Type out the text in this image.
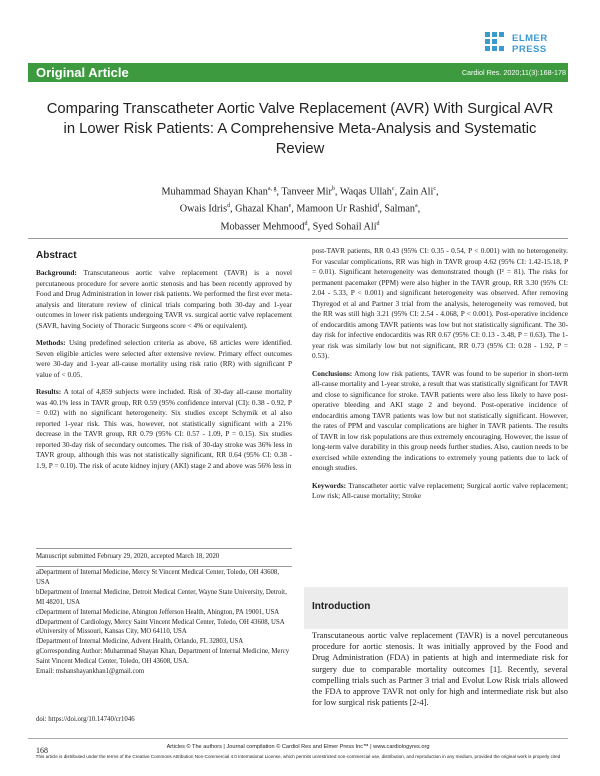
ELMER
PRESS
Original Article	Cardiol Res. 2020;11(3):168-178
Comparing Transcatheter Aortic Valve Replacement (AVR) With Surgical AVR in Lower Risk Patients: A Comprehensive Meta-Analysis and Systematic Review
Muhammad Shayan Khan$^{a, g}$, Tanveer Mir$^b$, Waqas Ullah$^c$, Zain Ali$^c$,
Owais Idris$^d$, Ghazal Khan$^e$, Mamoon Ur Rashid$^f$, Salman$^a$,
Mobasser Mehmood$^d$, Syed Sohail Ali$^d$
Abstract

Background: Transcutaneous aortic valve replacement (TAVR) is a novel percutaneous procedure for severe aortic stenosis and has been recently approved by Food and Drug Administration in lower risk patients. We performed the first ever meta-analysis and literature review of clinical trials comparing both 30-day and 1-year outcomes in lower risk patients undergoing TAVR vs. surgical aortic valve replacement (SAVR, having Society of Thoracic Surgeons score < 4% or equivalent).

Methods: Using predefined selection criteria as above, 68 articles were identified. Seven eligible articles were selected after extensive review. Primary effect outcomes were 30-day and 1-year all-cause mortality using risk ratio (RR) with significant P value of < 0.05.

Results: A total of 4,859 subjects were included. Risk of 30-day all-cause mortality was 40.1% less in TAVR group, RR 0.59 (95% confidence interval (CI): 0.38 - 0.92, P = 0.02) with no significant heterogeneity. Six studies except Schymik et al also reported 1-year risk. This was, however, not statistically significant with a 21% decrease in the TAVR group, RR 0.79 (95% CI: 0.57 - 1.09, P = 0.15). Six studies reported 30-day risk of secondary outcomes. The risk of 30-day stroke was 36% less in TAVR group, although this was not statistically significant, RR 0.64 (95% CI: 0.38 - 1.9, P = 0.10). The risk of acute kidney injury (AKI) stage 2 and above was 56% less in

post-TAVR patients, RR 0.43 (95% CI: 0.35 - 0.54, P < 0.001) with no heterogeneity. For vascular complications, RR was high in TAVR group 4.62 (95% CI: 1.42-15.18, P = 0.01). Significant heterogeneity was demonstrated though (I² = 81). The risks for permanent pacemaker (PPM) were also higher in the TAVR group, RR 3.30 (95% CI: 2.04 - 5.33, P < 0.001) and significant heterogeneity was observed. After removing Thyregod et al and Partner 3 trial from the analysis, heterogeneity was removed, but the RR was still high 3.21 (95% CI: 2.54 - 4.068, P < 0.001). Post-operative incidence of endocarditis among TAVR patients was low but not statistically significant. The 30-day risk for infective endocarditis was RR 0.67 (95% CI: 0.13 - 3.48, P = 0.63). The 1-year risk was similarly low but not significant, RR 0.73 (95% CI: 0.28 - 1.92, P = 0.53).

Conclusions: Among low risk patients, TAVR was found to be superior in short-term all-cause mortality and 1-year stroke, a result that was statistically significant for TAVR and close to significance for stroke. TAVR patients were also less likely to have post-operative bleeding and AKI stage 2 and beyond. Post-operative incidence of endocarditis among TAVR patients was low but not statistically significant. However, the rates of PPM and vascular complications are higher in TAVR patients. The results of TAVR in low risk populations are thus extremely encouraging. However, the issue of long-term valve durability in this group needs further studies. Also, caution needs to be exercised while extending the indications to extremely young patients due to lack of enough studies.

Keywords: Transcatheter aortic valve replacement; Surgical aortic valve replacement; Low risk; All-cause mortality; Stroke

Manuscript submitted February 29, 2020, accepted March 18, 2020
aDepartment of Internal Medicine, Mercy St Vincent Medical Center, Toledo, OH 43608, USA
bDepartment of Internal Medicine, Detroit Medical Center, Wayne State University, Detroit, MI 48201, USA
cDepartment of Internal Medicine, Abington Jefferson Health, Abington, PA 19001, USA
dDepartment of Cardiology, Mercy Saint Vincent Medical Center, Toledo, OH 43608, USA
eUniversity of Missouri, Kansas City, MO 64110, USA
fDepartment of Internal Medicine, Advent Health, Orlando, FL 32803, USA
gCorresponding Author: Muhammad Shayan Khan, Department of Internal Medicine, Mercy Saint Vincent Medical Center, Toledo, OH 43608, USA.
Email: mshanshayankhan1@gmail.com
doi: https://doi.org/10.14740/cr1046
Introduction
Transcutaneous aortic valve replacement (TAVR) is a novel percutaneous procedure for aortic stenosis. It was initially approved by the Food and Drug Administration (FDA) in patients at high and intermediate risk for surgery due to comparable mortality outcomes [1]. Recently, several compelling trials such as Partner 3 trial and Evolut Low Risk trials allowed the FDA to approve TAVR not only for high and intermediate risk but also for low surgical risk patients [2-4].
168	Articles © The authors | Journal compilation © Cardiol Res and Elmer Press Inc™ | www.cardiologyres.org
This article is distributed under the terms of the Creative Commons Attribution Non-Commercial 4.0 International License, which permits unrestricted non-commercial use, distribution, and reproduction in any medium, provided the original work is properly cited
